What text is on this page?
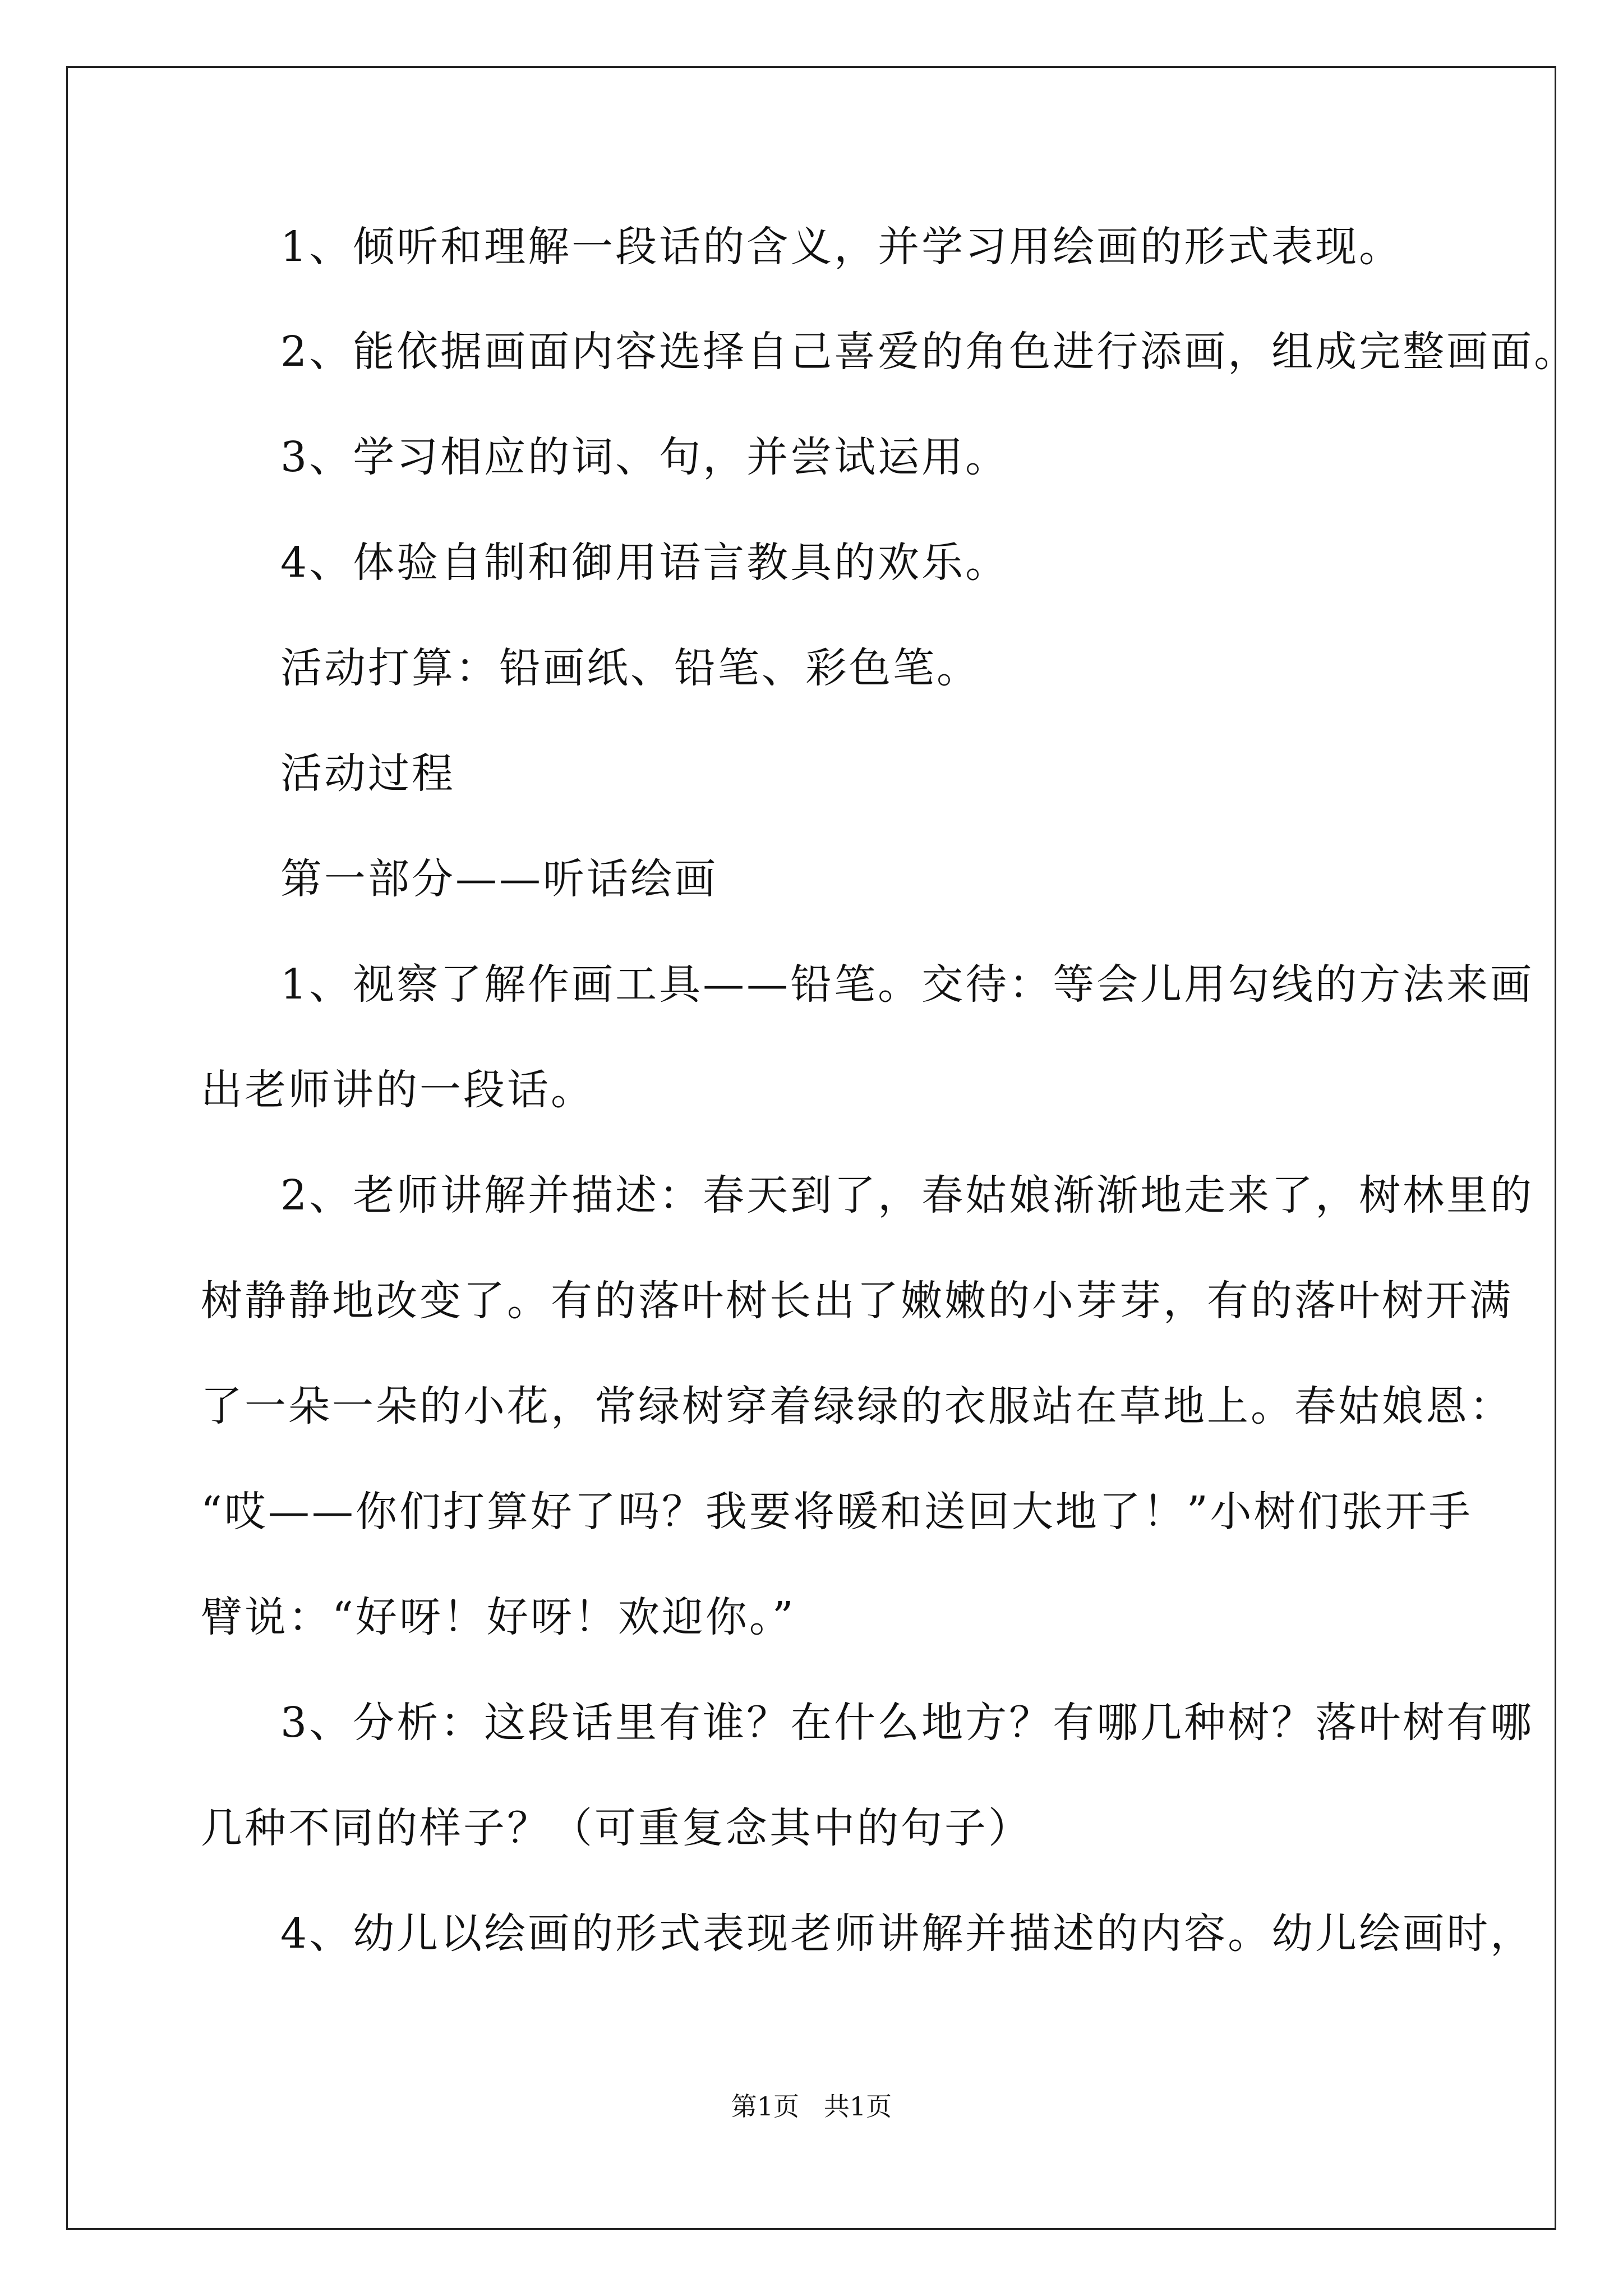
1、倾听和理解一段话的含义，并学习用绘画的形式表现。
2、能依据画面内容选择自己喜爱的角色进行添画，组成完整画面。
3、学习相应的词、句，并尝试运用。
4、体验自制和御用语言教具的欢乐。
活动打算：铅画纸、铅笔、彩色笔。
活动过程
第一部分——听话绘画
1、视察了解作画工具——铅笔。交待：等会儿用勾线的方法来画
出老师讲的一段话。
2、老师讲解并描述：春天到了，春姑娘渐渐地走来了，树林里的
树静静地改变了。有的落叶树长出了嫩嫩的小芽芽，有的落叶树开满
了一朵一朵的小花，常绿树穿着绿绿的衣服站在草地上。春姑娘恩：
“哎——你们打算好了吗？我要将暖和送回大地了！”小树们张开手
臂说：“好呀！好呀！欢迎你。”
3、分析：这段话里有谁？在什么地方？有哪几种树？落叶树有哪
几种不同的样子？（可重复念其中的句子）
4、幼儿以绘画的形式表现老师讲解并描述的内容。幼儿绘画时，
第1页   共1页
